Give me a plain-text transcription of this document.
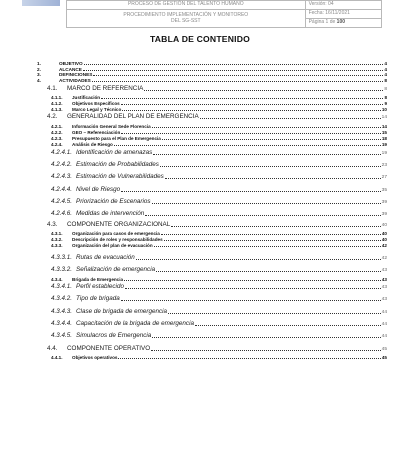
PROCESO DE GESTIÓN DEL TALENTO HUMANO	Versión: 04

PROCEDIMIENTO IMPLEMENTACIÓN Y MONITOREO
DEL SG-SST	Fecha: 16/11/2021
	Página 1 de 100
TABLA DE CONTENIDO
1.	OBJETIVO	4
2.	ALCANCE	4
3.	DEFINICIONES	4
4.	ACTIVIDADES	8
4.1.	MARCO DE REFERENCIA	8
4.1.1.	Justificación	8
4.1.2.	Objetivos Específicos	9
4.1.3.	Marco Legal y Técnico	10
4.2.	GENERALIDAD DEL PLAN DE EMERGENCIA	14
4.2.1.	Información General Sede Florencia	14
4.2.2.	GEO – Referenciación	15
4.2.3.	Presupuesto para el Plan de Emergencia	18
4.2.4.	Análisis de Riesgo	19
4.2.4.1. Identificación de amenazas	19
4.2.4.2. Estimación de Probabilidades	23
4.2.4.3. Estimación de Vulnerabilidades	27
4.2.4.4. Nivel de Riesgo	35
4.2.4.5. Priorización de Escenarios	39
4.2.4.6. Medidas de intervención	39
4.3.	COMPONENTE ORGANIZACIONAL	40
4.3.1.	Organización para casos de emergencia	40
4.3.2.	Descripción de roles y responsabilidades	40
4.3.3.	Organización del plan de evacuación	42
4.3.3.1. Rutas de evacuación	42
4.3.3.2. Señalización de emergencia	43
4.3.4.	Brigada de Emergencia	43
4.3.4.1. Perfil establecido	43
4.3.4.2. Tipo de brigada	43
4.3.4.3. Clase de brigada de emergencia	44
4.3.4.4. Capacitación de la brigada de emergencia	44
4.3.4.5. Simulacros de Emergencia	44
4.4.	COMPONENTE OPERATIVO	45
4.4.1.	Objetivos operativos	45
